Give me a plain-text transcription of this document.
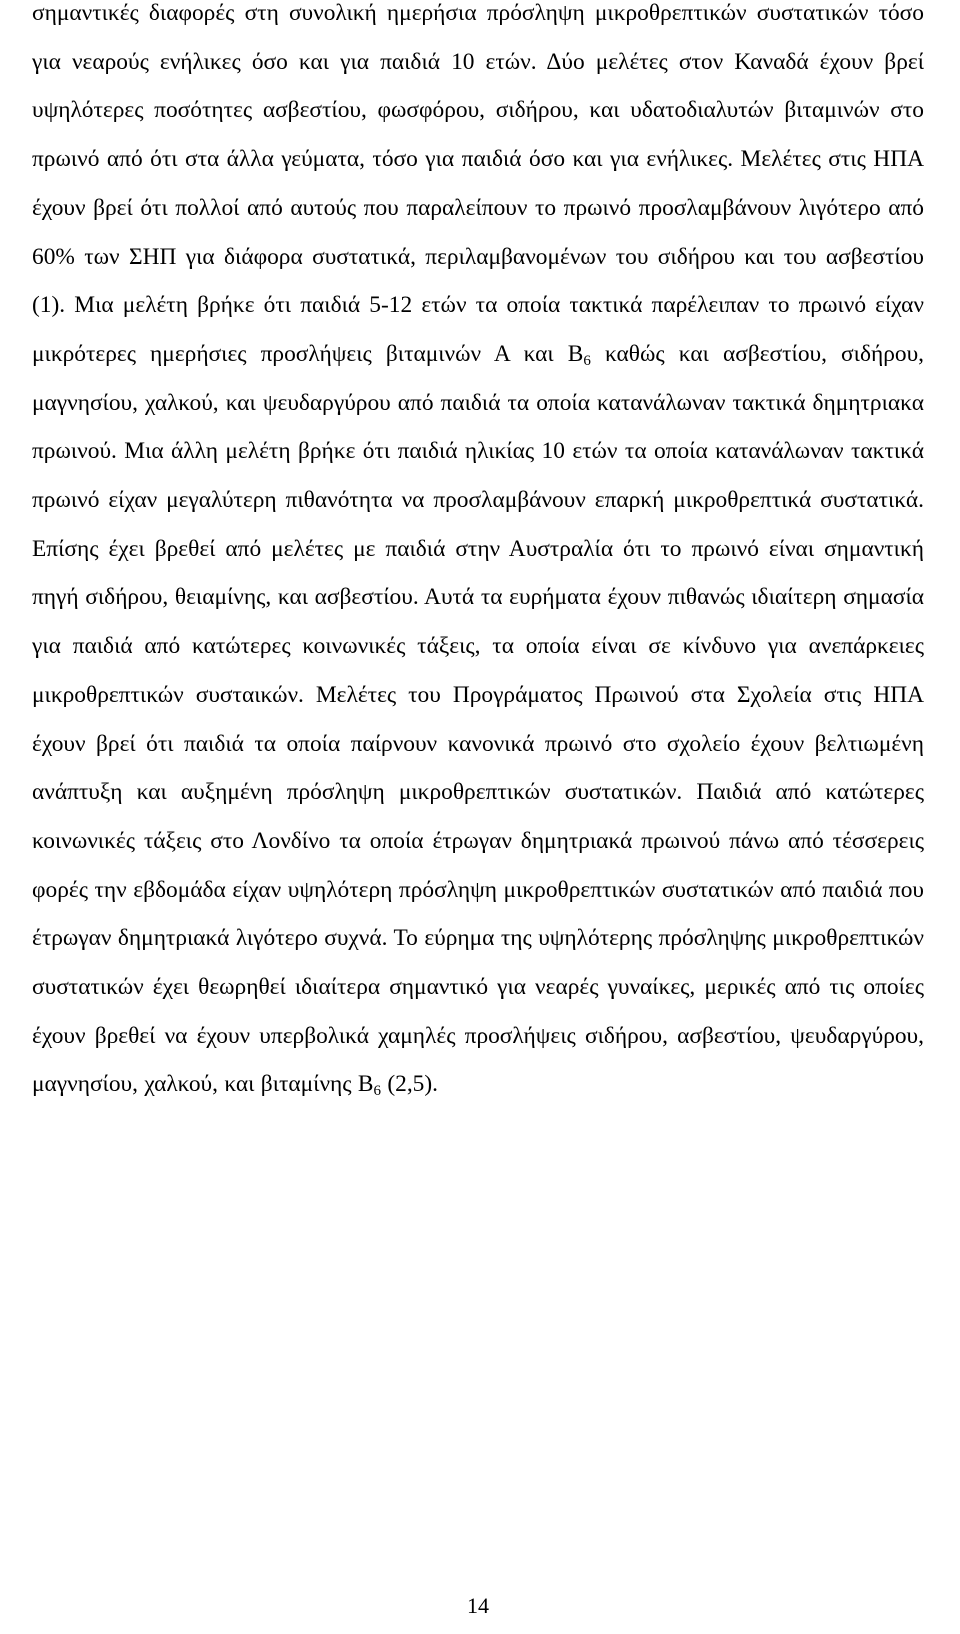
σημαντικές διαφορές στη συνολική ημερήσια πρόσληψη μικροθρεπτικών συστατικών τόσο για νεαρούς ενήλικες όσο και για παιδιά 10 ετών. Δύο μελέτες στον Καναδά έχουν βρεί υψηλότερες ποσότητες ασβεστίου, φωσφόρου, σιδήρου, και υδατοδιαλυτών βιταμινών στο πρωινό από ότι στα άλλα γεύματα, τόσο για παιδιά όσο και για ενήλικες. Μελέτες στις ΗΠΑ έχουν βρεί ότι πολλοί από αυτούς που παραλείπουν το πρωινό προσλαμβάνουν λιγότερο από 60% των ΣΗΠ για διάφορα συστατικά, περιλαμβανομένων του σιδήρου και του ασβεστίου (1). Μια μελέτη βρήκε ότι παιδιά 5-12 ετών τα οποία τακτικά παρέλειπαν το πρωινό είχαν μικρότερες ημερήσιες προσλήψεις βιταμινών Α και $B_6$ καθώς και ασβεστίου, σιδήρου, μαγνησίου, χαλκού, και ψευδαργύρου από παιδιά τα οποία κατανάλωναν τακτικά δημητριακα πρωινού. Μια άλλη μελέτη βρήκε ότι παιδιά ηλικίας 10 ετών τα οποία κατανάλωναν τακτικά πρωινό είχαν μεγαλύτερη πιθανότητα να προσλαμβάνουν επαρκή μικροθρεπτικά συστατικά. Επίσης έχει βρεθεί από μελέτες με παιδιά στην Αυστραλία ότι το πρωινό είναι σημαντική πηγή σιδήρου, θειαμίνης, και ασβεστίου. Αυτά τα ευρήματα έχουν πιθανώς ιδιαίτερη σημασία για παιδιά από κατώτερες κοινωνικές τάξεις, τα οποία είναι σε κίνδυνο για ανεπάρκειες μικροθρεπτικών συσταικών. Μελέτες του Προγράματος Πρωινού στα Σχολεία στις ΗΠΑ έχουν βρεί ότι παιδιά τα οποία παίρνουν κανονικά πρωινό στο σχολείο έχουν βελτιωμένη ανάπτυξη και αυξημένη πρόσληψη μικροθρεπτικών συστατικών. Παιδιά από κατώτερες κοινωνικές τάξεις στο Λονδίνο τα οποία έτρωγαν δημητριακά πρωινού πάνω από τέσσερεις φορές την εβδομάδα είχαν υψηλότερη πρόσληψη μικροθρεπτικών συστατικών από παιδιά που έτρωγαν δημητριακά λιγότερο συχνά. Το εύρημα της υψηλότερης πρόσληψης μικροθρεπτικών συστατικών έχει θεωρηθεί ιδιαίτερα σημαντικό για νεαρές γυναίκες, μερικές από τις οποίες έχουν βρεθεί να έχουν υπερβολικά χαμηλές προσλήψεις σιδήρου, ασβεστίου, ψευδαργύρου, μαγνησίου, χαλκού, και βιταμίνης $B_6$ (2,5).

14
